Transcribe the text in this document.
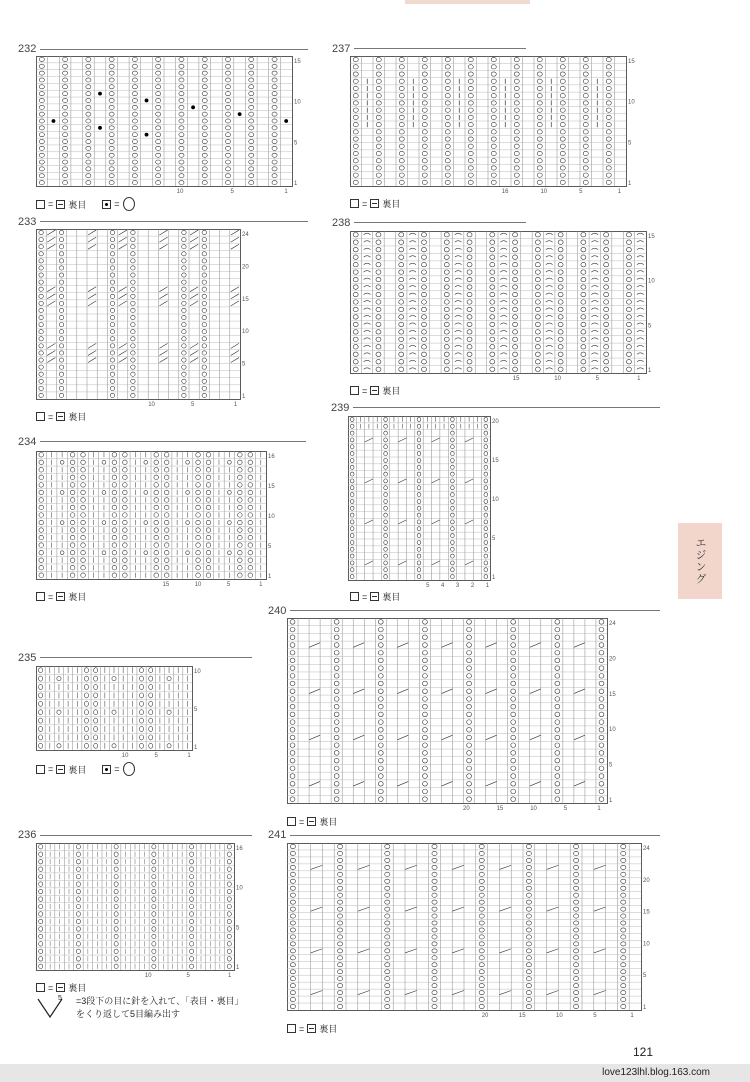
232
15
10
5
1
10	5	1
= 裏目	=
237
15
10
5
1
16	10	5	1
= 裏目
233
24
20
15
10
5
1
10	5	1
= 裏目
238
15
10
5
1
15	10	5	1
= 裏目
239
20
15
10
5
1
5 4 3 2 1
= 裏目
234
16
15
10
5
1
15	10	5	1
= 裏目
240
24
20
15
10
5
1
20	15	10	5	1
= 裏目
235
10
5
1
10	5	1
= 裏目	=
236
16
10
5
1
10	5	1
= 裏目
241
24
20
15
10
5
1
20	15	10	5	1
= 裏目
5 =3段下の目に針を入れて、「表目・裏目」
をくり返して5目編み出す
エジング
121
love123lhl.blog.163.com
